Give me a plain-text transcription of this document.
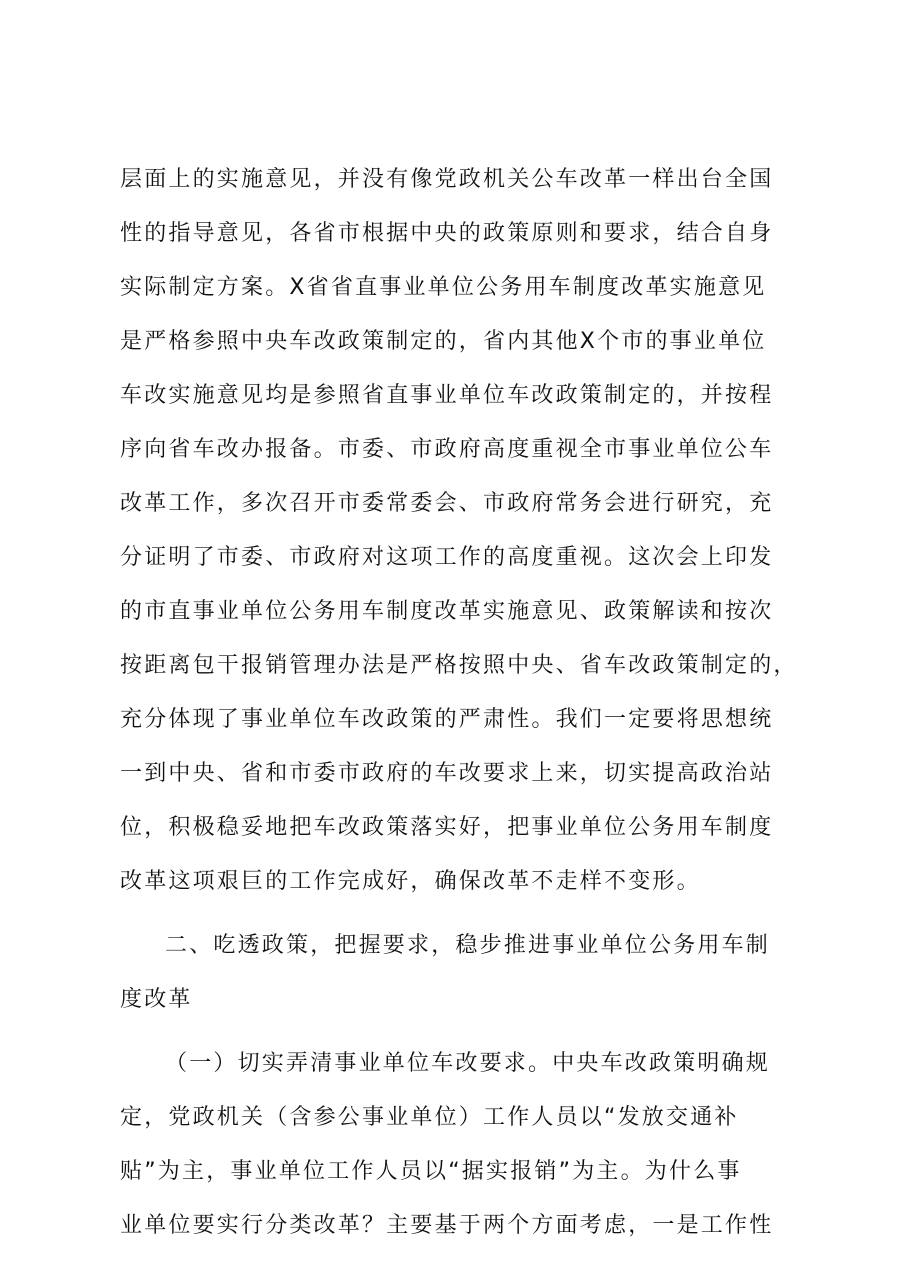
层面上的实施意见，并没有像党政机关公车改革一样出台全国
性的指导意见，各省市根据中央的政策原则和要求，结合自身
实际制定方案。X省省直事业单位公务用车制度改革实施意见
是严格参照中央车改政策制定的，省内其他X个市的事业单位
车改实施意见均是参照省直事业单位车改政策制定的，并按程
序向省车改办报备。市委、市政府高度重视全市事业单位公车
改革工作，多次召开市委常委会、市政府常务会进行研究，充
分证明了市委、市政府对这项工作的高度重视。这次会上印发
的市直事业单位公务用车制度改革实施意见、政策解读和按次
按距离包干报销管理办法是严格按照中央、省车改政策制定的，
充分体现了事业单位车改政策的严肃性。我们一定要将思想统
一到中央、省和市委市政府的车改要求上来，切实提高政治站
位，积极稳妥地把车改政策落实好，把事业单位公务用车制度
改革这项艰巨的工作完成好，确保改革不走样不变形。
二、吃透政策，把握要求，稳步推进事业单位公务用车制
度改革
（一）切实弄清事业单位车改要求。中央车改政策明确规
定，党政机关（含参公事业单位）工作人员以“发放交通补
贴”为主，事业单位工作人员以“据实报销”为主。为什么事
业单位要实行分类改革？主要基于两个方面考虑，一是工作性
